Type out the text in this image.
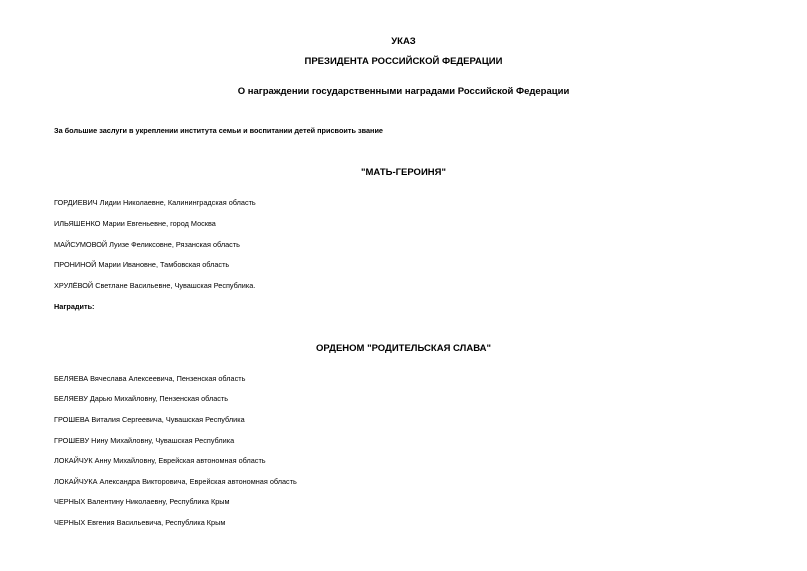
УКАЗ
ПРЕЗИДЕНТА РОССИЙСКОЙ ФЕДЕРАЦИИ
О награждении государственными наградами Российской Федерации
За большие заслуги в укреплении института семьи и воспитании детей присвоить звание
"МАТЬ-ГЕРОИНЯ"
ГОРДИЕВИЧ Лидии Николаевне, Калининградская область
ИЛЬЯШЕНКО Марии Евгеньевне, город Москва
МАЙСУМОВОЙ Луизе Феликсовне, Рязанская область
ПРОНИНОЙ Марии Ивановне, Тамбовская область
ХРУЛЁВОЙ Светлане Васильевне, Чувашская Республика.
Наградить:
ОРДЕНОМ "РОДИТЕЛЬСКАЯ СЛАВА"
БЕЛЯЕВА Вячеслава Алексеевича, Пензенская область
БЕЛЯЕВУ Дарью Михайловну, Пензенская область
ГРОШЕВА Виталия Сергеевича, Чувашская Республика
ГРОШЕВУ Нину Михайловну, Чувашская Республика
ЛОКАЙЧУК Анну Михайловну, Еврейская автономная область
ЛОКАЙЧУКА Александра Викторовича, Еврейская автономная область
ЧЕРНЫХ Валентину Николаевну, Республика Крым
ЧЕРНЫХ Евгения Васильевича, Республика Крым
